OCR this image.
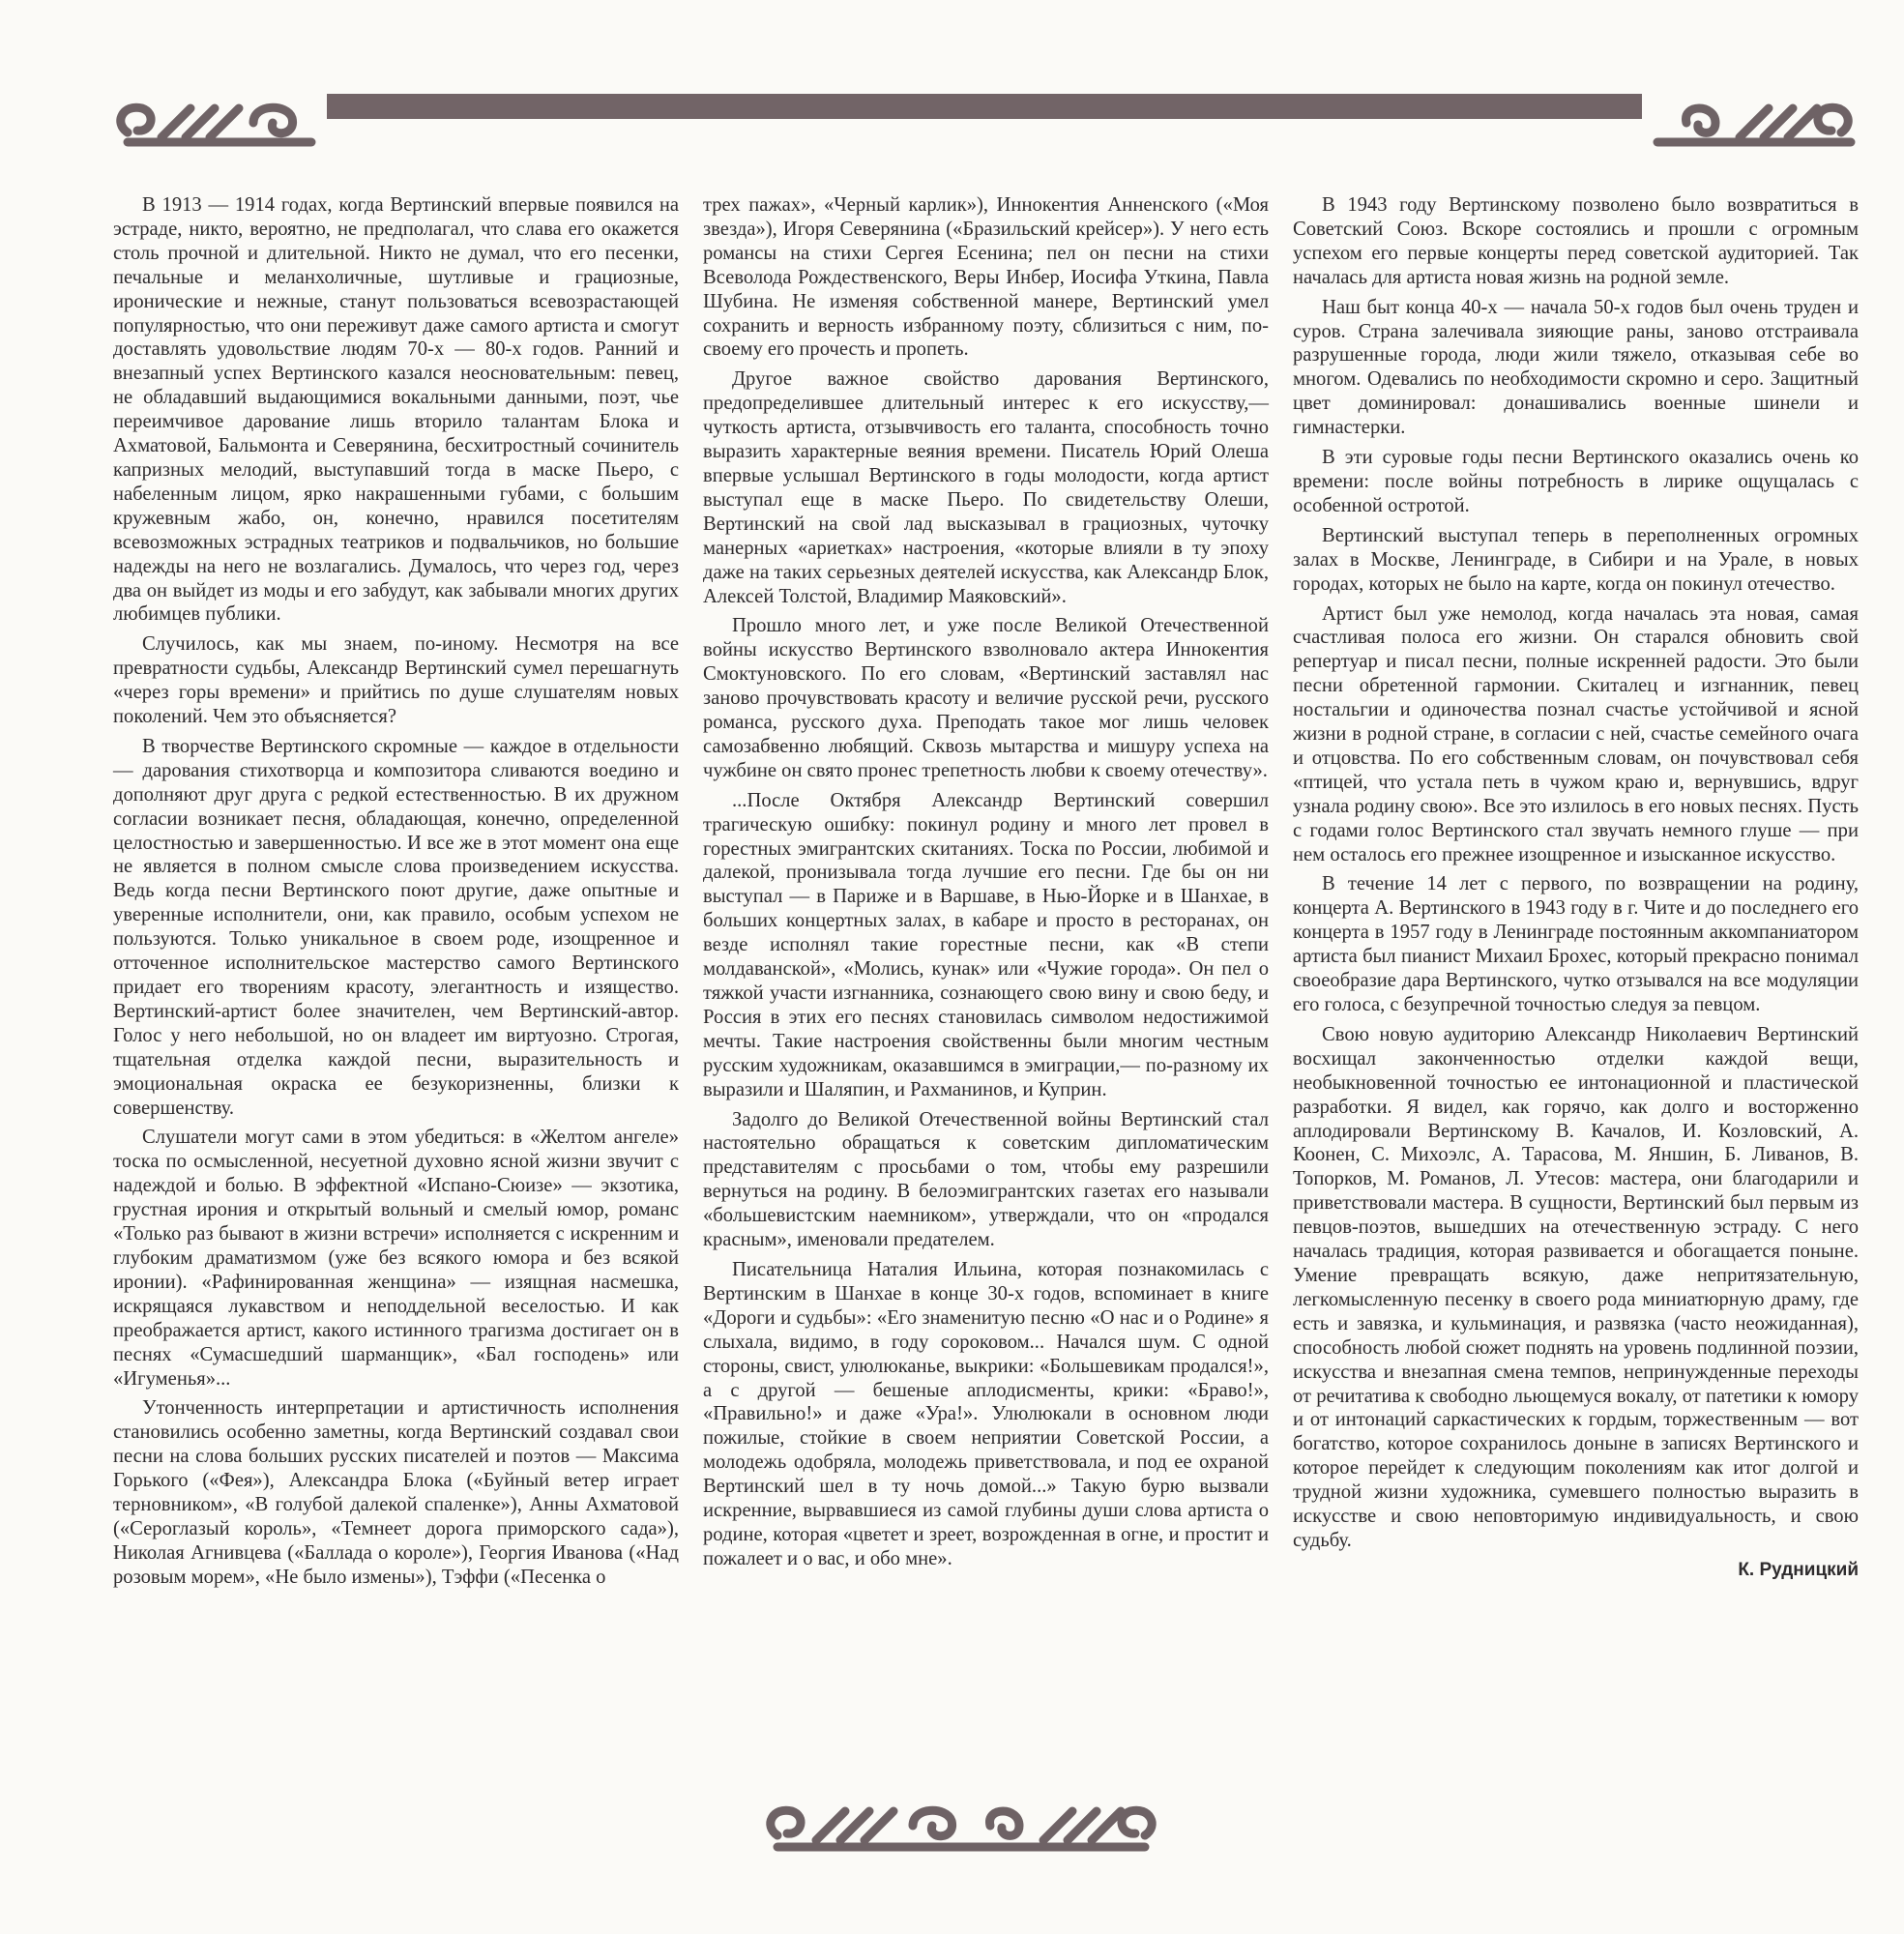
В 1913 — 1914 годах, когда Вертинский впервые появился на эстраде, никто, вероятно, не предполагал, что слава его окажется столь прочной и длительной. Никто не думал, что его песенки, печальные и меланхоличные, шутливые и грациозные, иронические и нежные, станут пользоваться всевозрастающей популярностью, что они переживут даже самого артиста и смогут доставлять удовольствие людям 70-х — 80-х годов. Ранний и внезапный успех Вертинского казался неосновательным: певец, не обладавший выдающимися вокальными данными, поэт, чье переимчивое дарование лишь вторило талантам Блока и Ахматовой, Бальмонта и Северянина, бесхитростный сочинитель капризных мелодий, выступавший тогда в маске Пьеро, с набеленным лицом, ярко накрашенными губами, с большим кружевным жабо, он, конечно, нравился посетителям всевозможных эстрадных театриков и подвальчиков, но большие надежды на него не возлагались. Думалось, что через год, через два он выйдет из моды и его забудут, как забывали многих других любимцев публики.

Случилось, как мы знаем, по-иному. Несмотря на все превратности судьбы, Александр Вертинский сумел перешагнуть «через горы времени» и прийтись по душе слушателям новых поколений. Чем это объясняется?

В творчестве Вертинского скромные — каждое в отдельности — дарования стихотворца и композитора сливаются воедино и дополняют друг друга с редкой естественностью. В их дружном согласии возникает песня, обладающая, конечно, определенной целостностью и завершенностью. И все же в этот момент она еще не является в полном смысле слова произведением искусства. Ведь когда песни Вертинского поют другие, даже опытные и уверенные исполнители, они, как правило, особым успехом не пользуются. Только уникальное в своем роде, изощренное и отточенное исполнительское мастерство самого Вертинского придает его творениям красоту, элегантность и изящество. Вертинский-артист более значителен, чем Вертинский-автор. Голос у него небольшой, но он владеет им виртуозно. Строгая, тщательная отделка каждой песни, выразительность и эмоциональная окраска ее безукоризненны, близки к совершенству.

Слушатели могут сами в этом убедиться: в «Желтом ангеле» тоска по осмысленной, несуетной духовно ясной жизни звучит с надеждой и болью. В эффектной «Испано-Сюизе» — экзотика, грустная ирония и открытый вольный и смелый юмор, романс «Только раз бывают в жизни встречи» исполняется с искренним и глубоким драматизмом (уже без всякого юмора и без всякой иронии). «Рафинированная женщина» — изящная насмешка, искрящаяся лукавством и неподдельной веселостью. И как преображается артист, какого истинного трагизма достигает он в песнях «Сумасшедший шарманщик», «Бал господень» или «Игуменья»...

Утонченность интерпретации и артистичность исполнения становились особенно заметны, когда Вертинский создавал свои песни на слова больших русских писателей и поэтов — Максима Горького («Фея»), Александра Блока («Буйный ветер играет терновником», «В голубой далекой спаленке»), Анны Ахматовой («Сероглазый король», «Темнеет дорога приморского сада»), Николая Агнивцева («Баллада о короле»), Георгия Иванова («Над розовым морем», «Не было измены»), Тэффи («Песенка о

трех пажах», «Черный карлик»), Иннокентия Анненского («Моя звезда»), Игоря Северянина («Бразильский крейсер»). У него есть романсы на стихи Сергея Есенина; пел он песни на стихи Всеволода Рождественского, Веры Инбер, Иосифа Уткина, Павла Шубина. Не изменяя собственной манере, Вертинский умел сохранить и верность избранному поэту, сблизиться с ним, по-своему его прочесть и пропеть.

Другое важное свойство дарования Вертинского, предопределившее длительный интерес к его искусству,— чуткость артиста, отзывчивость его таланта, способность точно выразить характерные веяния времени. Писатель Юрий Олеша впервые услышал Вертинского в годы молодости, когда артист выступал еще в маске Пьеро. По свидетельству Олеши, Вертинский на свой лад высказывал в грациозных, чуточку манерных «ариетках» настроения, «которые влияли в ту эпоху даже на таких серьезных деятелей искусства, как Александр Блок, Алексей Толстой, Владимир Маяковский».

Прошло много лет, и уже после Великой Отечественной войны искусство Вертинского взволновало актера Иннокентия Смоктуновского. По его словам, «Вертинский заставлял нас заново прочувствовать красоту и величие русской речи, русского романса, русского духа. Преподать такое мог лишь человек самозабвенно любящий. Сквозь мытарства и мишуру успеха на чужбине он свято пронес трепетность любви к своему отечеству».

...После Октября Александр Вертинский совершил трагическую ошибку: покинул родину и много лет провел в горестных эмигрантских скитаниях. Тоска по России, любимой и далекой, пронизывала тогда лучшие его песни. Где бы он ни выступал — в Париже и в Варшаве, в Нью-Йорке и в Шанхае, в больших концертных залах, в кабаре и просто в ресторанах, он везде исполнял такие горестные песни, как «В степи молдаванской», «Молись, кунак» или «Чужие города». Он пел о тяжкой участи изгнанника, сознающего свою вину и свою беду, и Россия в этих его песнях становилась символом недостижимой мечты. Такие настроения свойственны были многим честным русским художникам, оказавшимся в эмиграции,— по-разному их выразили и Шаляпин, и Рахманинов, и Куприн.

Задолго до Великой Отечественной войны Вертинский стал настоятельно обращаться к советским дипломатическим представителям с просьбами о том, чтобы ему разрешили вернуться на родину. В белоэмигрантских газетах его называли «большевистским наемником», утверждали, что он «продался красным», именовали предателем.

Писательница Наталия Ильина, которая познакомилась с Вертинским в Шанхае в конце 30-х годов, вспоминает в книге «Дороги и судьбы»: «Его знаменитую песню «О нас и о Родине» я слыхала, видимо, в году сороковом... Начался шум. С одной стороны, свист, улюлюканье, выкрики: «Большевикам продался!», а с другой — бешеные аплодисменты, крики: «Браво!», «Правильно!» и даже «Ура!». Улюлюкали в основном люди пожилые, стойкие в своем неприятии Советской России, а молодежь одобряла, молодежь приветствовала, и под ее охраной Вертинский шел в ту ночь домой...» Такую бурю вызвали искренние, вырвавшиеся из самой глубины души слова артиста о родине, которая «цветет и зреет, возрожденная в огне, и простит и пожалеет и о вас, и обо мне».

В 1943 году Вертинскому позволено было возвратиться в Советский Союз. Вскоре состоялись и прошли с огромным успехом его первые концерты перед советской аудиторией. Так началась для артиста новая жизнь на родной земле.

Наш быт конца 40-х — начала 50-х годов был очень труден и суров. Страна залечивала зияющие раны, заново отстраивала разрушенные города, люди жили тяжело, отказывая себе во многом. Одевались по необходимости скромно и серо. Защитный цвет доминировал: донашивались военные шинели и гимнастерки.

В эти суровые годы песни Вертинского оказались очень ко времени: после войны потребность в лирике ощущалась с особенной остротой.

Вертинский выступал теперь в переполненных огромных залах в Москве, Ленинграде, в Сибири и на Урале, в новых городах, которых не было на карте, когда он покинул отечество.

Артист был уже немолод, когда началась эта новая, самая счастливая полоса его жизни. Он старался обновить свой репертуар и писал песни, полные искренней радости. Это были песни обретенной гармонии. Скиталец и изгнанник, певец ностальгии и одиночества познал счастье устойчивой и ясной жизни в родной стране, в согласии с ней, счастье семейного очага и отцовства. По его собственным словам, он почувствовал себя «птицей, что устала петь в чужом краю и, вернувшись, вдруг узнала родину свою». Все это излилось в его новых песнях. Пусть с годами голос Вертинского стал звучать немного глуше — при нем осталось его прежнее изощренное и изысканное искусство.

В течение 14 лет с первого, по возвращении на родину, концерта А. Вертинского в 1943 году в г. Чите и до последнего его концерта в 1957 году в Ленинграде постоянным аккомпаниатором артиста был пианист Михаил Брохес, который прекрасно понимал своеобразие дара Вертинского, чутко отзывался на все модуляции его голоса, с безупречной точностью следуя за певцом.

Свою новую аудиторию Александр Николаевич Вертинский восхищал законченностью отделки каждой вещи, необыкновенной точностью ее интонационной и пластической разработки. Я видел, как горячо, как долго и восторженно аплодировали Вертинскому В. Качалов, И. Козловский, А. Коонен, С. Михоэлс, А. Тарасова, М. Яншин, Б. Ливанов, В. Топорков, М. Романов, Л. Утесов: мастера, они благодарили и приветствовали мастера. В сущности, Вертинский был первым из певцов-поэтов, вышедших на отечественную эстраду. С него началась традиция, которая развивается и обогащается поныне. Умение превращать всякую, даже непритязательную, легкомысленную песенку в своего рода миниатюрную драму, где есть и завязка, и кульминация, и развязка (часто неожиданная), способность любой сюжет поднять на уровень подлинной поэзии, искусства и внезапная смена темпов, непринужденные переходы от речитатива к свободно льющемуся вокалу, от патетики к юмору и от интонаций саркастических к гордым, торжественным — вот богатство, которое сохранилось доныне в записях Вертинского и которое перейдет к следующим поколениям как итог долгой и трудной жизни художника, сумевшего полностью выразить в искусстве и свою неповторимую индивидуальность, и свою судьбу.

К. Рудницкий
